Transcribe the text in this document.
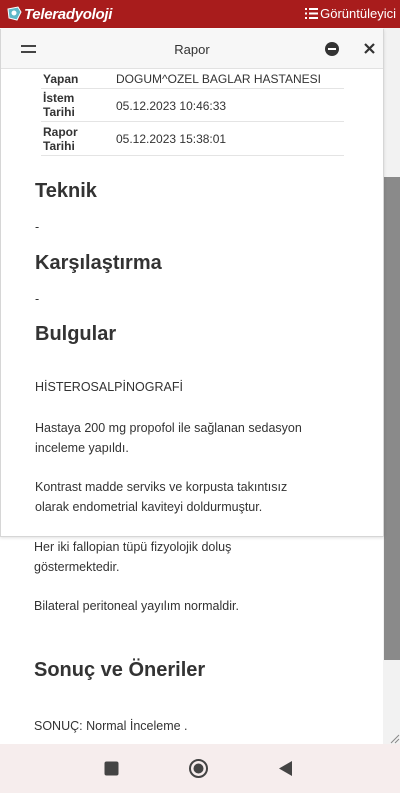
Teleradyoloji	Görüntüleyici
Her iki fallopian tüpü fizyolojik doluş
göstermektedir.
Bilateral peritoneal yayılım normaldir.
Sonuç ve Öneriler
SONUÇ: Normal İnceleme .
Rapor
Yapan	DOGUM^OZEL BAGLAR HASTANESI
İstem Tarihi	05.12.2023 10:46:33
Rapor Tarihi	05.12.2023 15:38:01
Teknik
-
Karşılaştırma
-
Bulgular
HİSTEROSALPİNOGRAFİ
Hastaya 200 mg propofol ile sağlanan sedasyon
inceleme yapıldı.
Kontrast madde serviks ve korpusta takıntısız
olarak endometrial kaviteyi doldurmuştur.
